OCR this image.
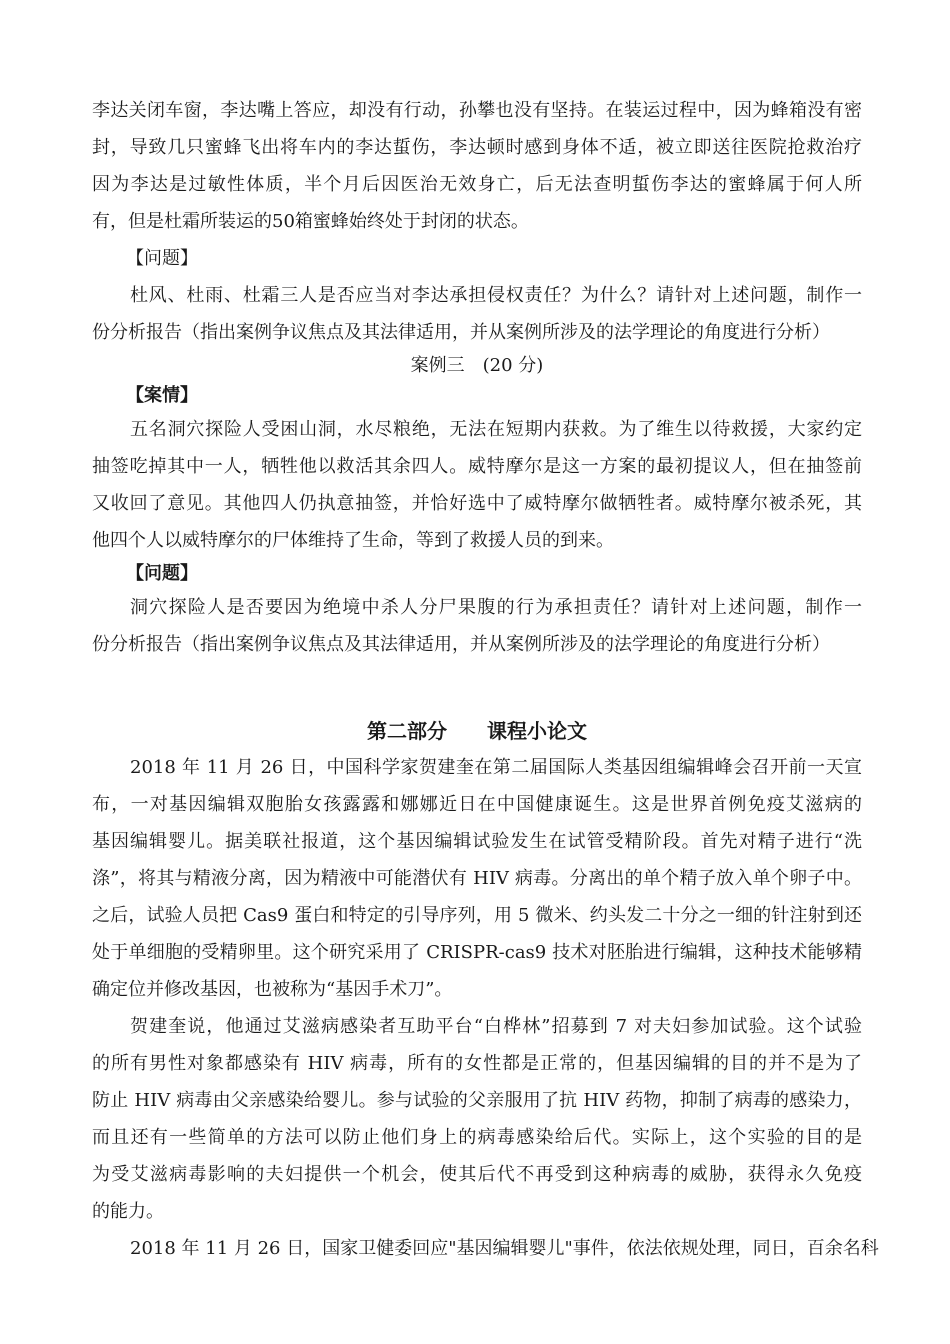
李达关闭车窗，李达嘴上答应，却没有行动，孙攀也没有坚持。在装运过程中，因为蜂箱没有密
封，导致几只蜜蜂飞出将车内的李达蜇伤，李达顿时感到身体不适，被立即送往医院抢救治疗
因为李达是过敏性体质，半个月后因医治无效身亡，后无法查明蜇伤李达的蜜蜂属于何人所
有，但是杜霜所装运的50箱蜜蜂始终处于封闭的状态。
【问题】
杜风、杜雨、杜霜三人是否应当对李达承担侵权责任？为什么？请针对上述问题，制作一
份分析报告（指出案例争议焦点及其法律适用，并从案例所涉及的法学理论的角度进行分析）
案例三　(20 分)
【案情】
五名洞穴探险人受困山洞，水尽粮绝，无法在短期内获救。为了维生以待救援，大家约定
抽签吃掉其中一人，牺牲他以救活其余四人。威特摩尔是这一方案的最初提议人，但在抽签前
又收回了意见。其他四人仍执意抽签，并恰好选中了威特摩尔做牺牲者。威特摩尔被杀死，其
他四个人以威特摩尔的尸体维持了生命，等到了救援人员的到来。
【问题】
洞穴探险人是否要因为绝境中杀人分尸果腹的行为承担责任？请针对上述问题，制作一
份分析报告（指出案例争议焦点及其法律适用，并从案例所涉及的法学理论的角度进行分析）
第二部分　　课程小论文
2018 年 11 月 26 日，中国科学家贺建奎在第二届国际人类基因组编辑峰会召开前一天宣
布，一对基因编辑双胞胎女孩露露和娜娜近日在中国健康诞生。这是世界首例免疫艾滋病的
基因编辑婴儿。据美联社报道，这个基因编辑试验发生在试管受精阶段。首先对精子进行“洗
涤”，将其与精液分离，因为精液中可能潜伏有 HIV 病毒。分离出的单个精子放入单个卵子中。
之后，试验人员把 Cas9 蛋白和特定的引导序列，用 5 微米、约头发二十分之一细的针注射到还
处于单细胞的受精卵里。这个研究采用了 CRISPR-cas9 技术对胚胎进行编辑，这种技术能够精
确定位并修改基因，也被称为“基因手术刀”。
贺建奎说，他通过艾滋病感染者互助平台“白桦林”招募到 7 对夫妇参加试验。这个试验
的所有男性对象都感染有 HIV 病毒，所有的女性都是正常的，但基因编辑的目的并不是为了
防止 HIV 病毒由父亲感染给婴儿。参与试验的父亲服用了抗 HIV 药物，抑制了病毒的感染力，
而且还有一些简单的方法可以防止他们身上的病毒感染给后代。实际上，这个实验的目的是
为受艾滋病毒影响的夫妇提供一个机会，使其后代不再受到这种病毒的威胁，获得永久免疫
的能力。
2018 年 11 月 26 日，国家卫健委回应"基因编辑婴儿"事件，依法依规处理，同日，百余名科
